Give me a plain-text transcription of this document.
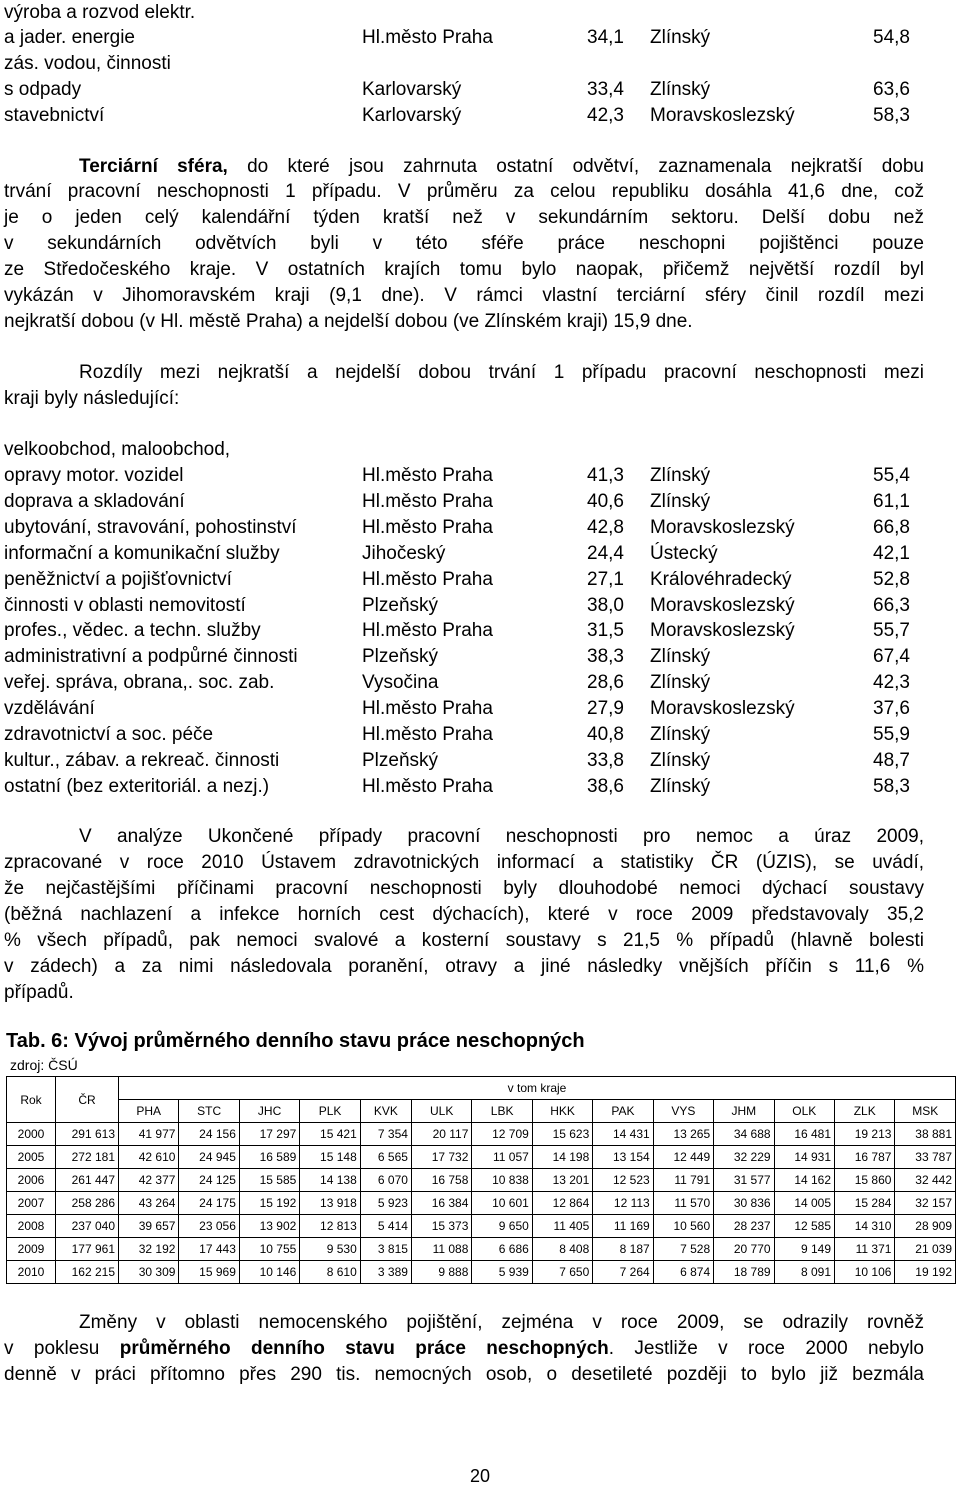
výroba a rozvod elektr.
a jader. energie	Hl.město Praha	34,1 Zlínský	54,8
zás. vodou, činnosti
s odpady	Karlovarský	33,4 Zlínský	63,6
stavebnictví	Karlovarský	42,3 Moravskoslezský	58,3
Terciární sféra, do které jsou zahrnuta ostatní odvětví, zaznamenala nejkratší dobu
trvání pracovní neschopnosti 1 případu. V průměru za celou republiku dosáhla 41,6 dne, což
je o jeden celý kalendářní týden kratší než v sekundárním sektoru. Delší dobu než
v sekundárních odvětvích byli v této sféře práce neschopni pojištěnci pouze
ze Středočeského kraje. V ostatních krajích tomu bylo naopak, přičemž největší rozdíl byl
vykázán v Jihomoravském kraji (9,1 dne). V rámci vlastní terciární sféry činil rozdíl mezi
nejkratší dobou (v Hl. městě Praha) a nejdelší dobou (ve Zlínském kraji) 15,9 dne.
Rozdíly mezi nejkratší a nejdelší dobou trvání 1 případu pracovní neschopnosti mezi
kraji byly následující:
velkoobchod, maloobchod,
opravy motor. vozidel	Hl.město Praha	41,3 Zlínský	55,4
doprava a skladování	Hl.město Praha	40,6 Zlínský	61,1
ubytování, stravování, pohostinství	Hl.město Praha	42,8 Moravskoslezský	66,8
informační a komunikační služby	Jihočeský	24,4 Ústecký	42,1
peněžnictví a pojišťovnictví	Hl.město Praha	27,1 Královéhradecký	52,8
činnosti v oblasti nemovitostí	Plzeňský	38,0 Moravskoslezský	66,3
profes., vědec. a techn. služby	Hl.město Praha	31,5 Moravskoslezský	55,7
administrativní a podpůrné činnosti	Plzeňský	38,3 Zlínský	67,4
veřej. správa, obrana,. soc. zab.	Vysočina	28,6 Zlínský	42,3
vzdělávání	Hl.město Praha	27,9 Moravskoslezský	37,6
zdravotnictví a soc. péče	Hl.město Praha	40,8 Zlínský	55,9
kultur., zábav. a rekreač. činnosti	Plzeňský	33,8 Zlínský	48,7
ostatní (bez exteritoriál. a nezj.)	Hl.město Praha	38,6 Zlínský	58,3
V analýze Ukončené případy pracovní neschopnosti pro nemoc a úraz 2009,
zpracované v roce 2010 Ústavem zdravotnických informací a statistiky ČR (ÚZIS), se uvádí,
že nejčastějšími příčinami pracovní neschopnosti byly dlouhodobé nemoci dýchací soustavy
(běžná nachlazení a infekce horních cest dýchacích), které v roce 2009 představovaly 35,2
% všech případů, pak nemoci svalové a kosterní soustavy s 21,5 % případů (hlavně bolesti
v zádech) a za nimi následovala poranění, otravy a jiné následky vnějších příčin s 11,6 %
případů.
Tab. 6: Vývoj průměrného denního stavu práce neschopných
zdroj: ČSÚ
Rok	ČR	v tom kraje													
		PHA	STC	JHC	PLK	KVK	ULK	LBK	HKK	PAK	VYS	JHM	OLK	ZLK	MSK
2000	291 613	41 977	24 156	17 297	15 421	7 354	20 117	12 709	15 623	14 431	13 265	34 688	16 481	19 213	38 881
2005	272 181	42 610	24 945	16 589	15 148	6 565	17 732	11 057	14 198	13 154	12 449	32 229	14 931	16 787	33 787
2006	261 447	42 377	24 125	15 585	14 138	6 070	16 758	10 838	13 201	12 523	11 791	31 577	14 162	15 860	32 442
2007	258 286	43 264	24 175	15 192	13 918	5 923	16 384	10 601	12 864	12 113	11 570	30 836	14 005	15 284	32 157
2008	237 040	39 657	23 056	13 902	12 813	5 414	15 373	9 650	11 405	11 169	10 560	28 237	12 585	14 310	28 909
2009	177 961	32 192	17 443	10 755	9 530	3 815	11 088	6 686	8 408	8 187	7 528	20 770	9 149	11 371	21 039
2010	162 215	30 309	15 969	10 146	8 610	3 389	9 888	5 939	7 650	7 264	6 874	18 789	8 091	10 106	19 192
Změny v oblasti nemocenského pojištění, zejména v roce 2009, se odrazily rovněž
v poklesu průměrného denního stavu práce neschopných. Jestliže v roce 2000 nebylo
denně v práci přítomno přes 290 tis. nemocných osob, o desetileté později to bylo již bezmála
20
